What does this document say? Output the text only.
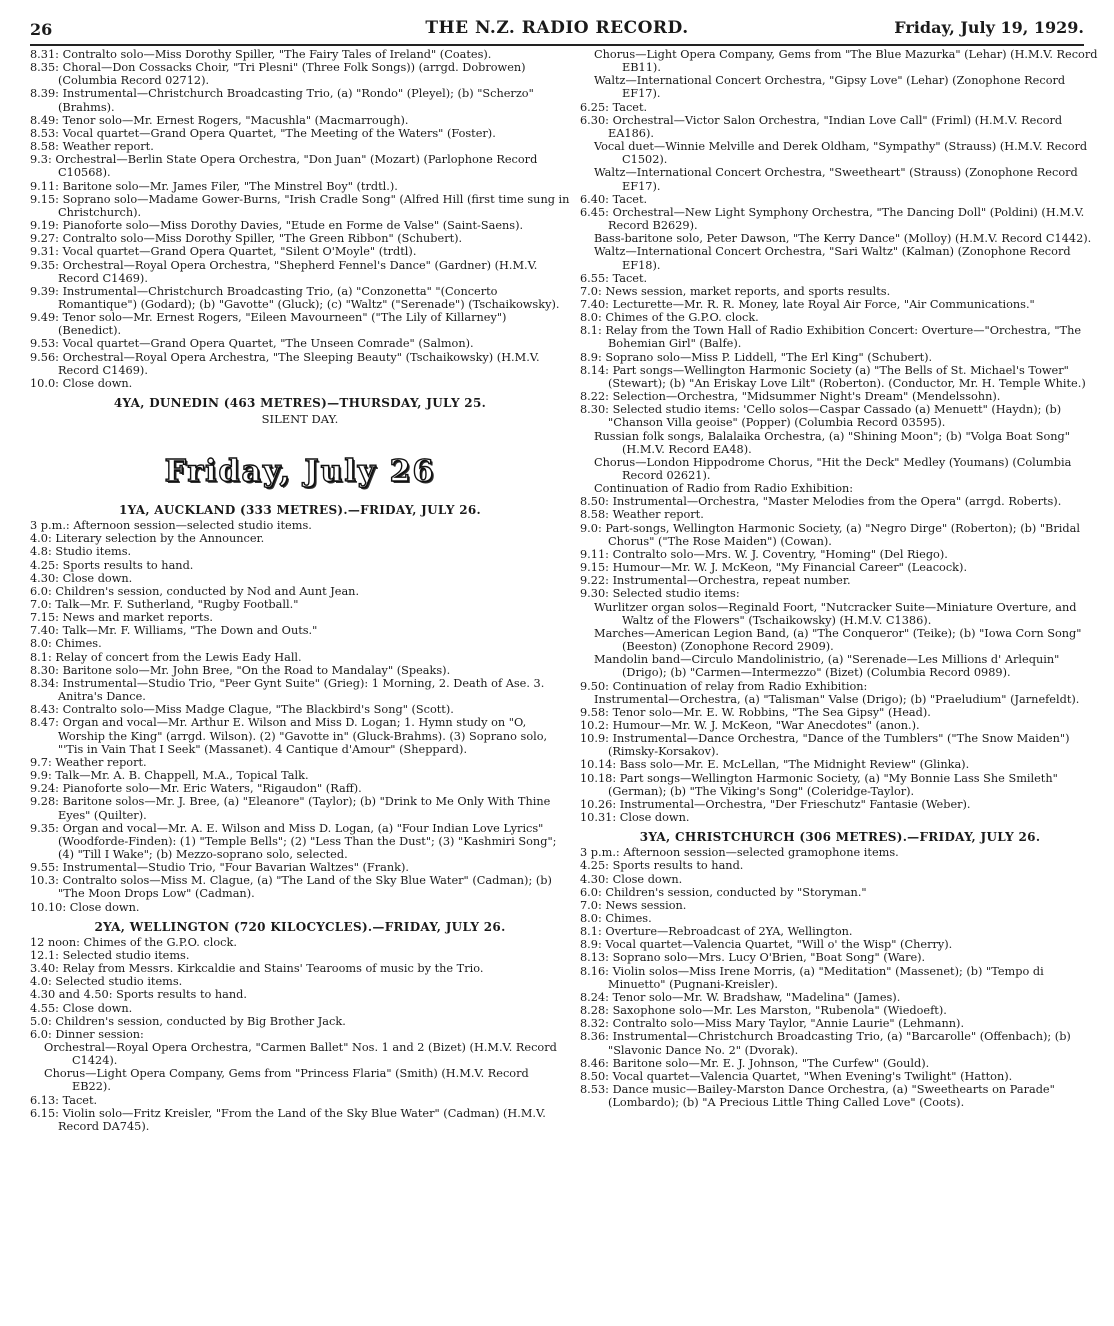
26	THE N.Z. RADIO RECORD.	Friday, July 19, 1929.
8.31: Contralto solo—Miss Dorothy Spiller, "The Fairy Tales of Ireland" (Coates).
8.35: Choral—Don Cossacks Choir, "Tri Plesni" (Three Folk Songs)) (arrgd. Dobrowen) (Columbia Record 02712).
8.39: Instrumental—Christchurch Broadcasting Trio, (a) "Rondo" (Pleyel); (b) "Scherzo" (Brahms).
8.49: Tenor solo—Mr. Ernest Rogers, "Macushla" (Macmarrough).
8.53: Vocal quartet—Grand Opera Quartet, "The Meeting of the Waters" (Foster).
8.58: Weather report.
9.3: Orchestral—Berlin State Opera Orchestra, "Don Juan" (Mozart) (Parlophone Record C10568).
9.11: Baritone solo—Mr. James Filer, "The Minstrel Boy" (trdtl.).
9.15: Soprano solo—Madame Gower-Burns, "Irish Cradle Song" (Alfred Hill (first time sung in Christchurch).
9.19: Pianoforte solo—Miss Dorothy Davies, "Etude en Forme de Valse" (Saint-Saens).
9.27: Contralto solo—Miss Dorothy Spiller, "The Green Ribbon" (Schubert).
9.31: Vocal quartet—Grand Opera Quartet, "Silent O'Moyle" (trdtl).
9.35: Orchestral—Royal Opera Orchestra, "Shepherd Fennel's Dance" (Gardner) (H.M.V. Record C1469).
9.39: Instrumental—Christchurch Broadcasting Trio, (a) "Conzonetta" "(Concerto Romantique") (Godard); (b) "Gavotte" (Gluck); (c) "Waltz" ("Serenade") (Tschaikowsky).
9.49: Tenor solo—Mr. Ernest Rogers, "Eileen Mavourneen" ("The Lily of Killarney") (Benedict).
9.53: Vocal quartet—Grand Opera Quartet, "The Unseen Comrade" (Salmon).
9.56: Orchestral—Royal Opera Archestra, "The Sleeping Beauty" (Tschaikowsky) (H.M.V. Record C1469).
10.0: Close down.
4YA, DUNEDIN (463 METRES)—THURSDAY, JULY 25.
SILENT DAY.
Friday, July 26
1YA, AUCKLAND (333 METRES).—FRIDAY, JULY 26.
3 p.m.: Afternoon session—selected studio items.
4.0: Literary selection by the Announcer.
4.8: Studio items.
4.25: Sports results to hand.
4.30: Close down.
6.0: Children's session, conducted by Nod and Aunt Jean.
7.0: Talk—Mr. F. Sutherland, "Rugby Football."
7.15: News and market reports.
7.40: Talk—Mr. F. Williams, "The Down and Outs."
8.0: Chimes.
8.1: Relay of concert from the Lewis Eady Hall.
8.30: Baritone solo—Mr. John Bree, "On the Road to Mandalay" (Speaks).
8.34: Instrumental—Studio Trio, "Peer Gynt Suite" (Grieg): 1 Morning, 2. Death of Ase. 3. Anitra's Dance.
8.43: Contralto solo—Miss Madge Clague, "The Blackbird's Song" (Scott).
8.47: Organ and vocal—Mr. Arthur E. Wilson and Miss D. Logan; 1. Hymn study on "O, Worship the King" (arrgd. Wilson). (2) "Gavotte in" (Gluck-Brahms). (3) Soprano solo, "'Tis in Vain That I Seek" (Massanet). 4 Cantique d'Amour" (Sheppard).
9.7: Weather report.
9.9: Talk—Mr. A. B. Chappell, M.A., Topical Talk.
9.24: Pianoforte solo—Mr. Eric Waters, "Rigaudon" (Raff).
9.28: Baritone solos—Mr. J. Bree, (a) "Eleanore" (Taylor); (b) "Drink to Me Only With Thine Eyes" (Quilter).
9.35: Organ and vocal—Mr. A. E. Wilson and Miss D. Logan, (a) "Four Indian Love Lyrics" (Woodforde-Finden): (1) "Temple Bells"; (2) "Less Than the Dust"; (3) "Kashmiri Song"; (4) "Till I Wake"; (b) Mezzo-soprano solo, selected.
9.55: Instrumental—Studio Trio, "Four Bavarian Waltzes" (Frank).
10.3: Contralto solos—Miss M. Clague, (a) "The Land of the Sky Blue Water" (Cadman); (b) "The Moon Drops Low" (Cadman).
10.10: Close down.
2YA, WELLINGTON (720 KILOCYCLES).—FRIDAY, JULY 26.
12 noon: Chimes of the G.P.O. clock.
12.1: Selected studio items.
3.40: Relay from Messrs. Kirkcaldie and Stains' Tearooms of music by the Trio.
4.0: Selected studio items.
4.30 and 4.50: Sports results to hand.
4.55: Close down.
5.0: Children's session, conducted by Big Brother Jack.
6.0: Dinner session:
Orchestral—Royal Opera Orchestra, "Carmen Ballet" Nos. 1 and 2 (Bizet) (H.M.V. Record C1424).
Chorus—Light Opera Company, Gems from "Princess Flaria" (Smith) (H.M.V. Record EB22).
6.13: Tacet.
6.15: Violin solo—Fritz Kreisler, "From the Land of the Sky Blue Water" (Cadman) (H.M.V. Record DA745).
Chorus—Light Opera Company, Gems from "The Blue Mazurka" (Lehar) (H.M.V. Record EB11).
Waltz—International Concert Orchestra, "Gipsy Love" (Lehar) (Zonophone Record EF17).
6.25: Tacet.
6.30: Orchestral—Victor Salon Orchestra, "Indian Love Call" (Friml) (H.M.V. Record EA186).
Vocal duet—Winnie Melville and Derek Oldham, "Sympathy" (Strauss) (H.M.V. Record C1502).
Waltz—International Concert Orchestra, "Sweetheart" (Strauss) (Zonophone Record EF17).
6.40: Tacet.
6.45: Orchestral—New Light Symphony Orchestra, "The Dancing Doll" (Poldini) (H.M.V. Record B2629).
Bass-baritone solo, Peter Dawson, "The Kerry Dance" (Molloy) (H.M.V. Record C1442).
Waltz—International Concert Orchestra, "Sari Waltz" (Kalman) (Zonophone Record EF18).
6.55: Tacet.
7.0: News session, market reports, and sports results.
7.40: Lecturette—Mr. R. R. Money, late Royal Air Force, "Air Communications."
8.0: Chimes of the G.P.O. clock.
8.1: Relay from the Town Hall of Radio Exhibition Concert: Overture—"Orchestra, "The Bohemian Girl" (Balfe).
8.9: Soprano solo—Miss P. Liddell, "The Erl King" (Schubert).
8.14: Part songs—Wellington Harmonic Society (a) "The Bells of St. Michael's Tower" (Stewart); (b) "An Eriskay Love Lilt" (Roberton). (Conductor, Mr. H. Temple White.)
8.22: Selection—Orchestra, "Midsummer Night's Dream" (Mendelssohn).
8.30: Selected studio items: 'Cello solos—Caspar Cassado (a) Menuett" (Haydn); (b) "Chanson Villa geoise" (Popper) (Columbia Record 03595).
Russian folk songs, Balalaika Orchestra, (a) "Shining Moon"; (b) "Volga Boat Song" (H.M.V. Record EA48).
Chorus—London Hippodrome Chorus, "Hit the Deck" Medley (Youmans) (Columbia Record 02621).
Continuation of Radio from Radio Exhibition:
8.50: Instrumental—Orchestra, "Master Melodies from the Opera" (arrgd. Roberts).
8.58: Weather report.
9.0: Part-songs, Wellington Harmonic Society, (a) "Negro Dirge" (Roberton); (b) "Bridal Chorus" ("The Rose Maiden") (Cowan).
9.11: Contralto solo—Mrs. W. J. Coventry, "Homing" (Del Riego).
9.15: Humour—Mr. W. J. McKeon, "My Financial Career" (Leacock).
9.22: Instrumental—Orchestra, repeat number.
9.30: Selected studio items:
Wurlitzer organ solos—Reginald Foort, "Nutcracker Suite—Miniature Overture, and Waltz of the Flowers" (Tschaikowsky) (H.M.V. C1386).
Marches—American Legion Band, (a) "The Conqueror" (Teike); (b) "Iowa Corn Song" (Beeston) (Zonophone Record 2909).
Mandolin band—Circulo Mandolinistrio, (a) "Serenade—Les Millions d' Arlequin" (Drigo); (b) "Carmen—Intermezzo" (Bizet) (Columbia Record 0989).
9.50: Continuation of relay from Radio Exhibition:
Instrumental—Orchestra, (a) "Talisman" Valse (Drigo); (b) "Praeludium" (Jarnefeldt).
9.58: Tenor solo—Mr. E. W. Robbins, "The Sea Gipsy" (Head).
10.2: Humour—Mr. W. J. McKeon, "War Anecdotes" (anon.).
10.9: Instrumental—Dance Orchestra, "Dance of the Tumblers" ("The Snow Maiden") (Rimsky-Korsakov).
10.14: Bass solo—Mr. E. McLellan, "The Midnight Review" (Glinka).
10.18: Part songs—Wellington Harmonic Society, (a) "My Bonnie Lass She Smileth" (German); (b) "The Viking's Song" (Coleridge-Taylor).
10.26: Instrumental—Orchestra, "Der Frieschutz" Fantasie (Weber).
10.31: Close down.
3YA, CHRISTCHURCH (306 METRES).—FRIDAY, JULY 26.
3 p.m.: Afternoon session—selected gramophone items.
4.25: Sports results to hand.
4.30: Close down.
6.0: Children's session, conducted by "Storyman."
7.0: News session.
8.0: Chimes.
8.1: Overture—Rebroadcast of 2YA, Wellington.
8.9: Vocal quartet—Valencia Quartet, "Will o' the Wisp" (Cherry).
8.13: Soprano solo—Mrs. Lucy O'Brien, "Boat Song" (Ware).
8.16: Violin solos—Miss Irene Morris, (a) "Meditation" (Massenet); (b) "Tempo di Minuetto" (Pugnani-Kreisler).
8.24: Tenor solo—Mr. W. Bradshaw, "Madelina" (James).
8.28: Saxophone solo—Mr. Les Marston, "Rubenola" (Wiedoeft).
8.32: Contralto solo—Miss Mary Taylor, "Annie Laurie" (Lehmann).
8.36: Instrumental—Christchurch Broadcasting Trio, (a) "Barcarolle" (Offenbach); (b) "Slavonic Dance No. 2" (Dvorak).
8.46: Baritone solo—Mr. E. J. Johnson, "The Curfew" (Gould).
8.50: Vocal quartet—Valencia Quartet, "When Evening's Twilight" (Hatton).
8.53: Dance music—Bailey-Marston Dance Orchestra, (a) "Sweethearts on Parade" (Lombardo); (b) "A Precious Little Thing Called Love" (Coots).
